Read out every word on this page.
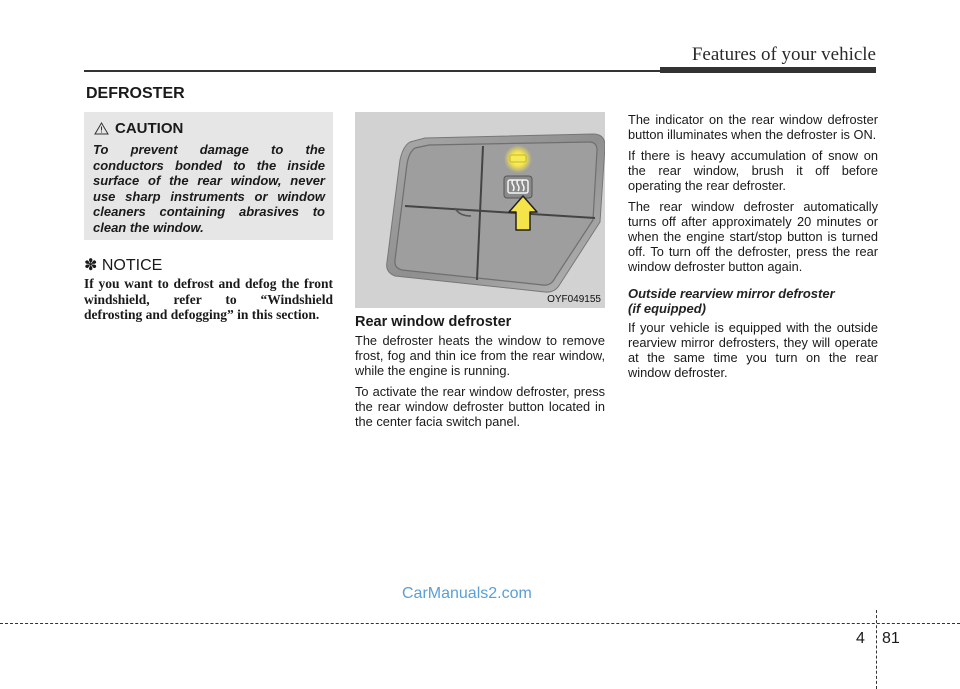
Features of your vehicle
DEFROSTER
CAUTION
To prevent damage to the conductors bonded to the inside surface of the rear window, never use sharp instruments or window cleaners containing abrasives to clean the window.
✽ NOTICE
If you want to defrost and defog the front windshield, refer to “Windshield defrosting and defogging” in this section.
OYF049155
Rear window defroster

The defroster heats the window to remove frost, fog and thin ice from the rear window, while the engine is running.

To activate the rear window defroster, press the rear window defroster button located in the center facia switch panel.

The indicator on the rear window defroster button illuminates when the defroster is ON.

If there is heavy accumulation of snow on the rear window, brush it off before operating the rear defroster.

The rear window defroster automatically turns off after approximately 20 minutes or when the engine start/stop button is turned off. To turn off the defroster, press the rear window defroster button again.

Outside rearview mirror defroster
(if equipped)

If your vehicle is equipped with the outside rearview mirror defrosters, they will operate at the same time you turn on the rear window defroster.

CarManuals2.com
4 81
